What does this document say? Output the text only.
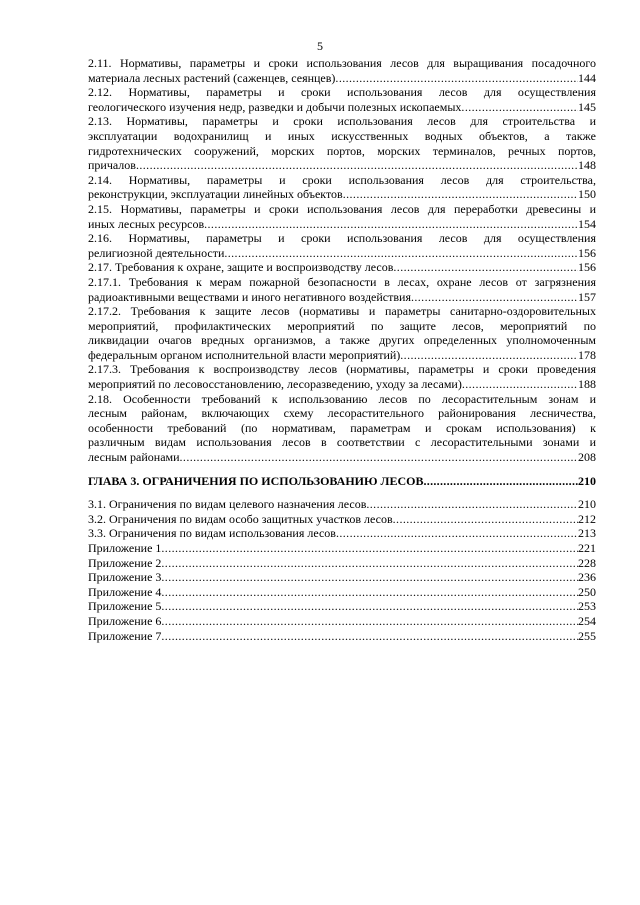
5
2.11. Нормативы, параметры и сроки использования лесов для выращивания посадочного
материала лесных растений (саженцев, сеянцев) .....	144
2.12. Нормативы, параметры и сроки использования лесов для осуществления
геологического изучения недр, разведки и добычи полезных ископаемых .....	145
2.13. Нормативы, параметры и сроки использования лесов для строительства и
эксплуатации водохранилищ и иных искусственных водных объектов, а также
гидротехнических сооружений, морских портов, морских терминалов, речных портов,
причалов .....	148
2.14. Нормативы, параметры и сроки использования лесов для строительства,
реконструкции, эксплуатации линейных объектов .....	150
2.15. Нормативы, параметры и сроки использования лесов для переработки древесины и
иных лесных ресурсов .....	154
2.16. Нормативы, параметры и сроки использования лесов для осуществления
религиозной деятельности .....	156
2.17. Требования к охране, защите и воспроизводству лесов .....	156
2.17.1. Требования к мерам пожарной безопасности в лесах, охране лесов от загрязнения
радиоактивными веществами и иного негативного воздействия .....	157
2.17.2. Требования к защите лесов (нормативы и параметры санитарно-оздоровительных
мероприятий, профилактических мероприятий по защите лесов, мероприятий по
ликвидации очагов вредных организмов, а также других определенных уполномоченным
федеральным органом исполнительной власти мероприятий) .....	178
2.17.3. Требования к воспроизводству лесов (нормативы, параметры и сроки проведения
мероприятий по лесовосстановлению, лесоразведению, уходу за лесами) .....	188
2.18. Особенности требований к использованию лесов по лесорастительным зонам и
лесным районам, включающих схему лесорастительного районирования лесничества,
особенности требований (по нормативам, параметрам и срокам использования) к
различным видам использования лесов в соответствии с лесорастительными зонами и
лесным районами .....	208
ГЛАВА 3. ОГРАНИЧЕНИЯ ПО ИСПОЛЬЗОВАНИЮ ЛЕСОВ .....	210
3.1. Ограничения по видам целевого назначения лесов .....	210
3.2. Ограничения по видам особо защитных участков лесов .....	212
3.3. Ограничения по видам использования лесов .....	213
Приложение 1 .....	221
Приложение 2 .....	228
Приложение 3 .....	236
Приложение 4 .....	250
Приложение 5 .....	253
Приложение 6 .....	254
Приложение 7 .....	255
